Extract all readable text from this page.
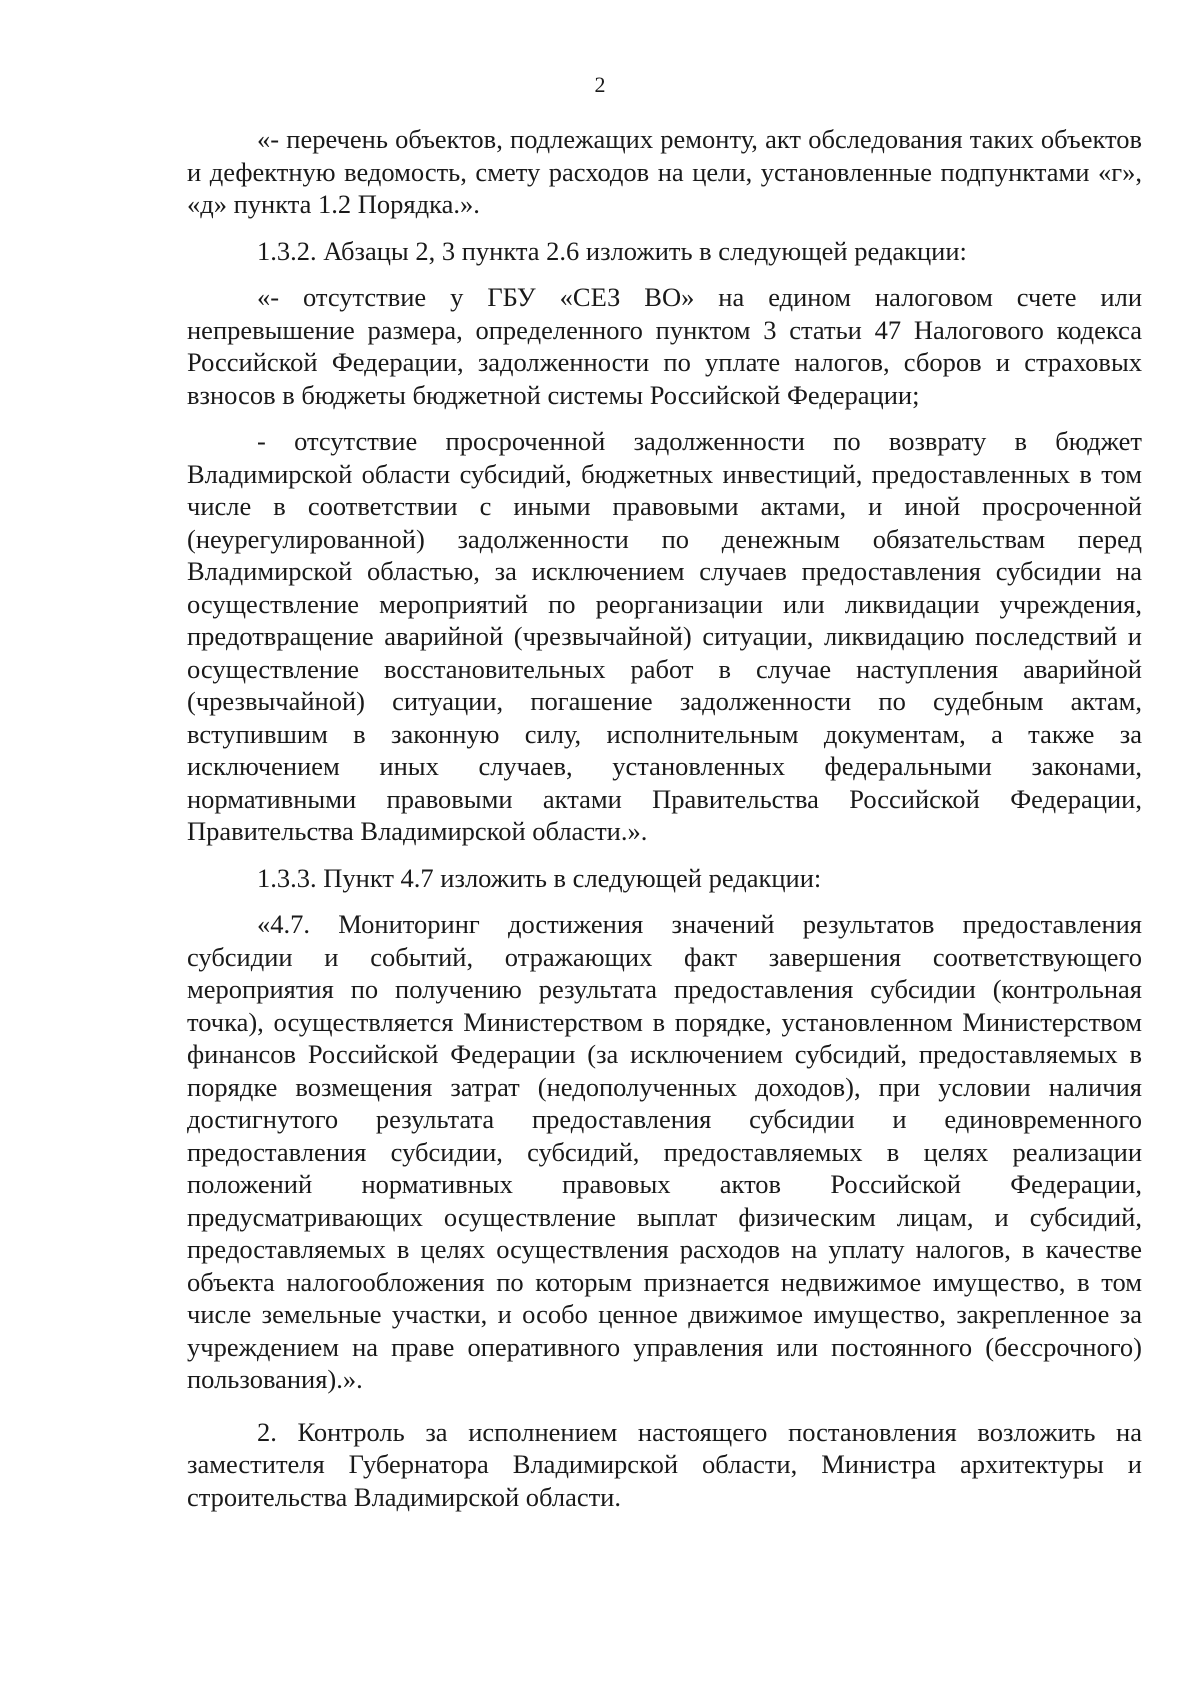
2

«- перечень объектов, подлежащих ремонту, акт обследования таких объектов и дефектную ведомость, смету расходов на цели, установленные подпунктами «г», «д» пункта 1.2 Порядка.».

1.3.2. Абзацы 2, 3 пункта 2.6 изложить в следующей редакции:

«- отсутствие у ГБУ «СЕЗ ВО» на едином налоговом счете или непревышение размера, определенного пунктом 3 статьи 47 Налогового кодекса Российской Федерации, задолженности по уплате налогов, сборов и страховых взносов в бюджеты бюджетной системы Российской Федерации;

- отсутствие просроченной задолженности по возврату в бюджет Владимирской области субсидий, бюджетных инвестиций, предоставленных в том числе в соответствии с иными правовыми актами, и иной просроченной (неурегулированной) задолженности по денежным обязательствам перед Владимирской областью, за исключением случаев предоставления субсидии на осуществление мероприятий по реорганизации или ликвидации учреждения, предотвращение аварийной (чрезвычайной) ситуации, ликвидацию последствий и осуществление восстановительных работ в случае наступления аварийной (чрезвычайной) ситуации, погашение задолженности по судебным актам, вступившим в законную силу, исполнительным документам, а также за исключением иных случаев, установленных федеральными законами, нормативными правовыми актами Правительства Российской Федерации, Правительства Владимирской области.».

1.3.3. Пункт 4.7 изложить в следующей редакции:

«4.7. Мониторинг достижения значений результатов предоставления субсидии и событий, отражающих факт завершения соответствующего мероприятия по получению результата предоставления субсидии (контрольная точка), осуществляется Министерством в порядке, установленном Министерством финансов Российской Федерации (за исключением субсидий, предоставляемых в порядке возмещения затрат (недополученных доходов), при условии наличия достигнутого результата предоставления субсидии и единовременного предоставления субсидии, субсидий, предоставляемых в целях реализации положений нормативных правовых актов Российской Федерации, предусматривающих осуществление выплат физическим лицам, и субсидий, предоставляемых в целях осуществления расходов на уплату налогов, в качестве объекта налогообложения по которым признается недвижимое имущество, в том числе земельные участки, и особо ценное движимое имущество, закрепленное за учреждением на праве оперативного управления или постоянного (бессрочного) пользования).».

2. Контроль за исполнением настоящего постановления возложить на заместителя Губернатора Владимирской области, Министра архитектуры и строительства Владимирской области.
